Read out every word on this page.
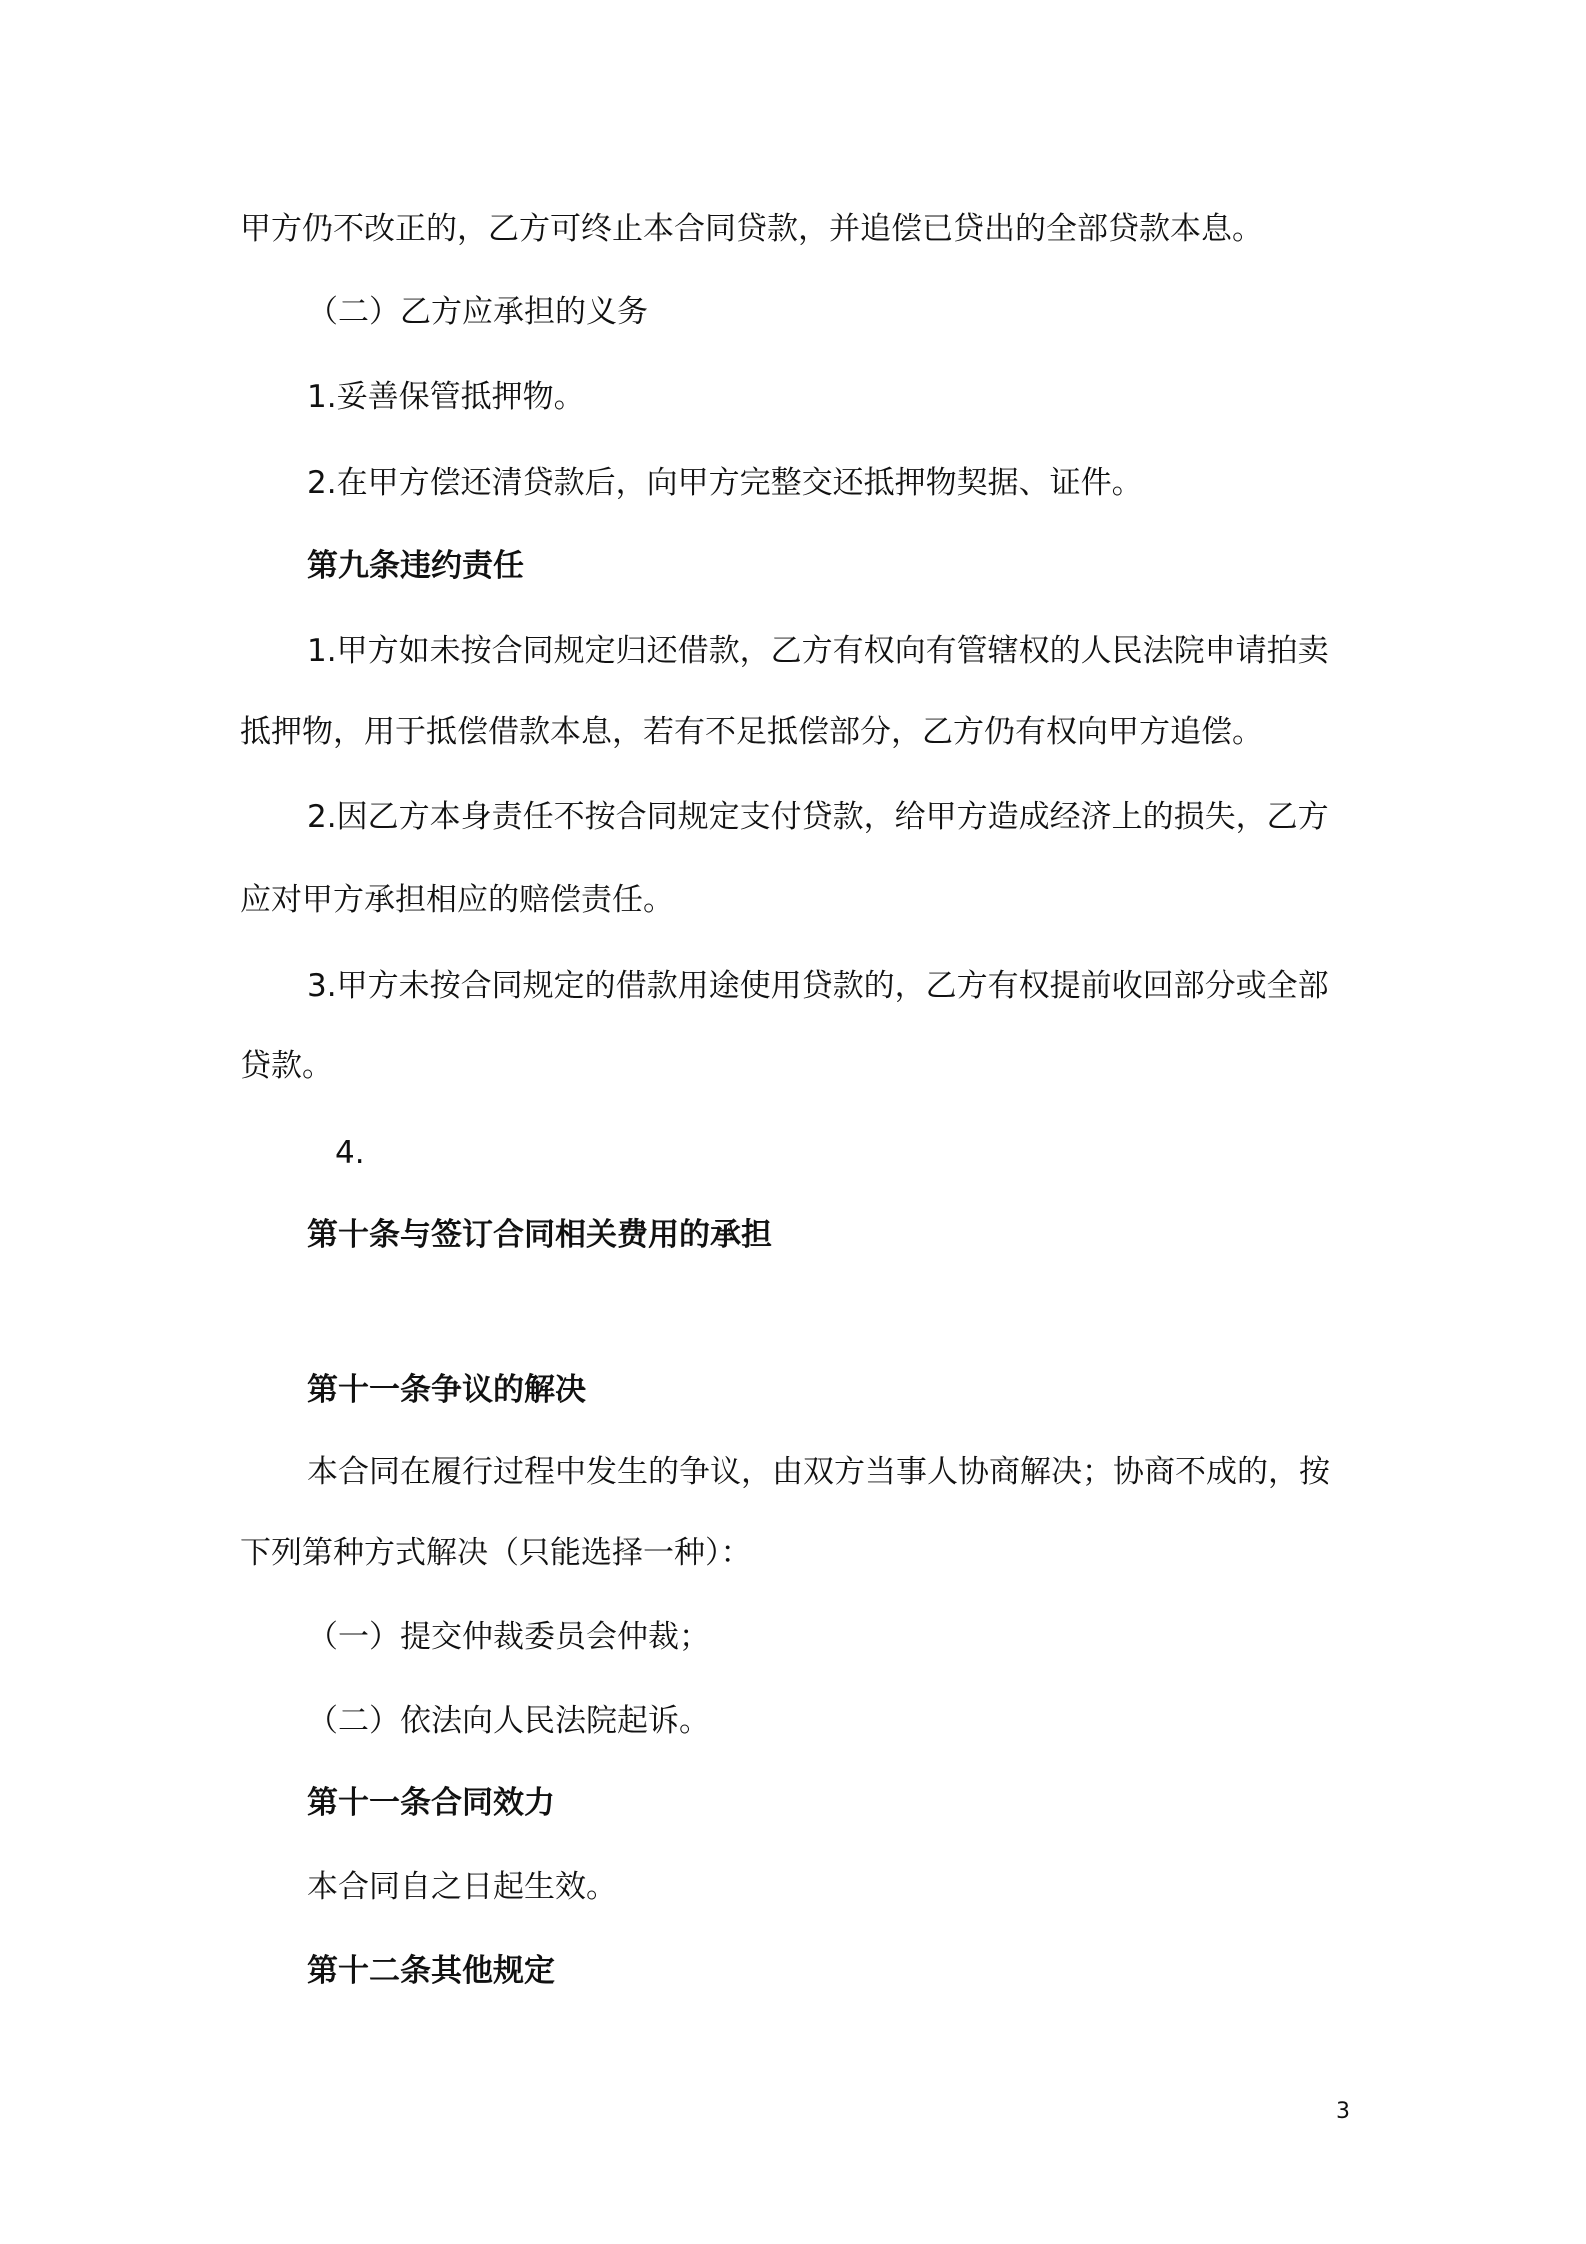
甲方仍不改正的，乙方可终止本合同贷款，并追偿已贷出的全部贷款本息。
（二）乙方应承担的义务
1.妥善保管抵押物。
2.在甲方偿还清贷款后，向甲方完整交还抵押物契据、证件。
第九条违约责任
1.甲方如未按合同规定归还借款，乙方有权向有管辖权的人民法院申请拍卖
抵押物，用于抵偿借款本息，若有不足抵偿部分，乙方仍有权向甲方追偿。
2.因乙方本身责任不按合同规定支付贷款，给甲方造成经济上的损失，乙方
应对甲方承担相应的赔偿责任。
3.甲方未按合同规定的借款用途使用贷款的，乙方有权提前收回部分或全部
贷款。
4.
第十条与签订合同相关费用的承担
第十一条争议的解决
本合同在履行过程中发生的争议，由双方当事人协商解决；协商不成的，按
下列第种方式解决（只能选择一种）：
（一）提交仲裁委员会仲裁；
（二）依法向人民法院起诉。
第十一条合同效力
本合同自之日起生效。
第十二条其他规定
3
